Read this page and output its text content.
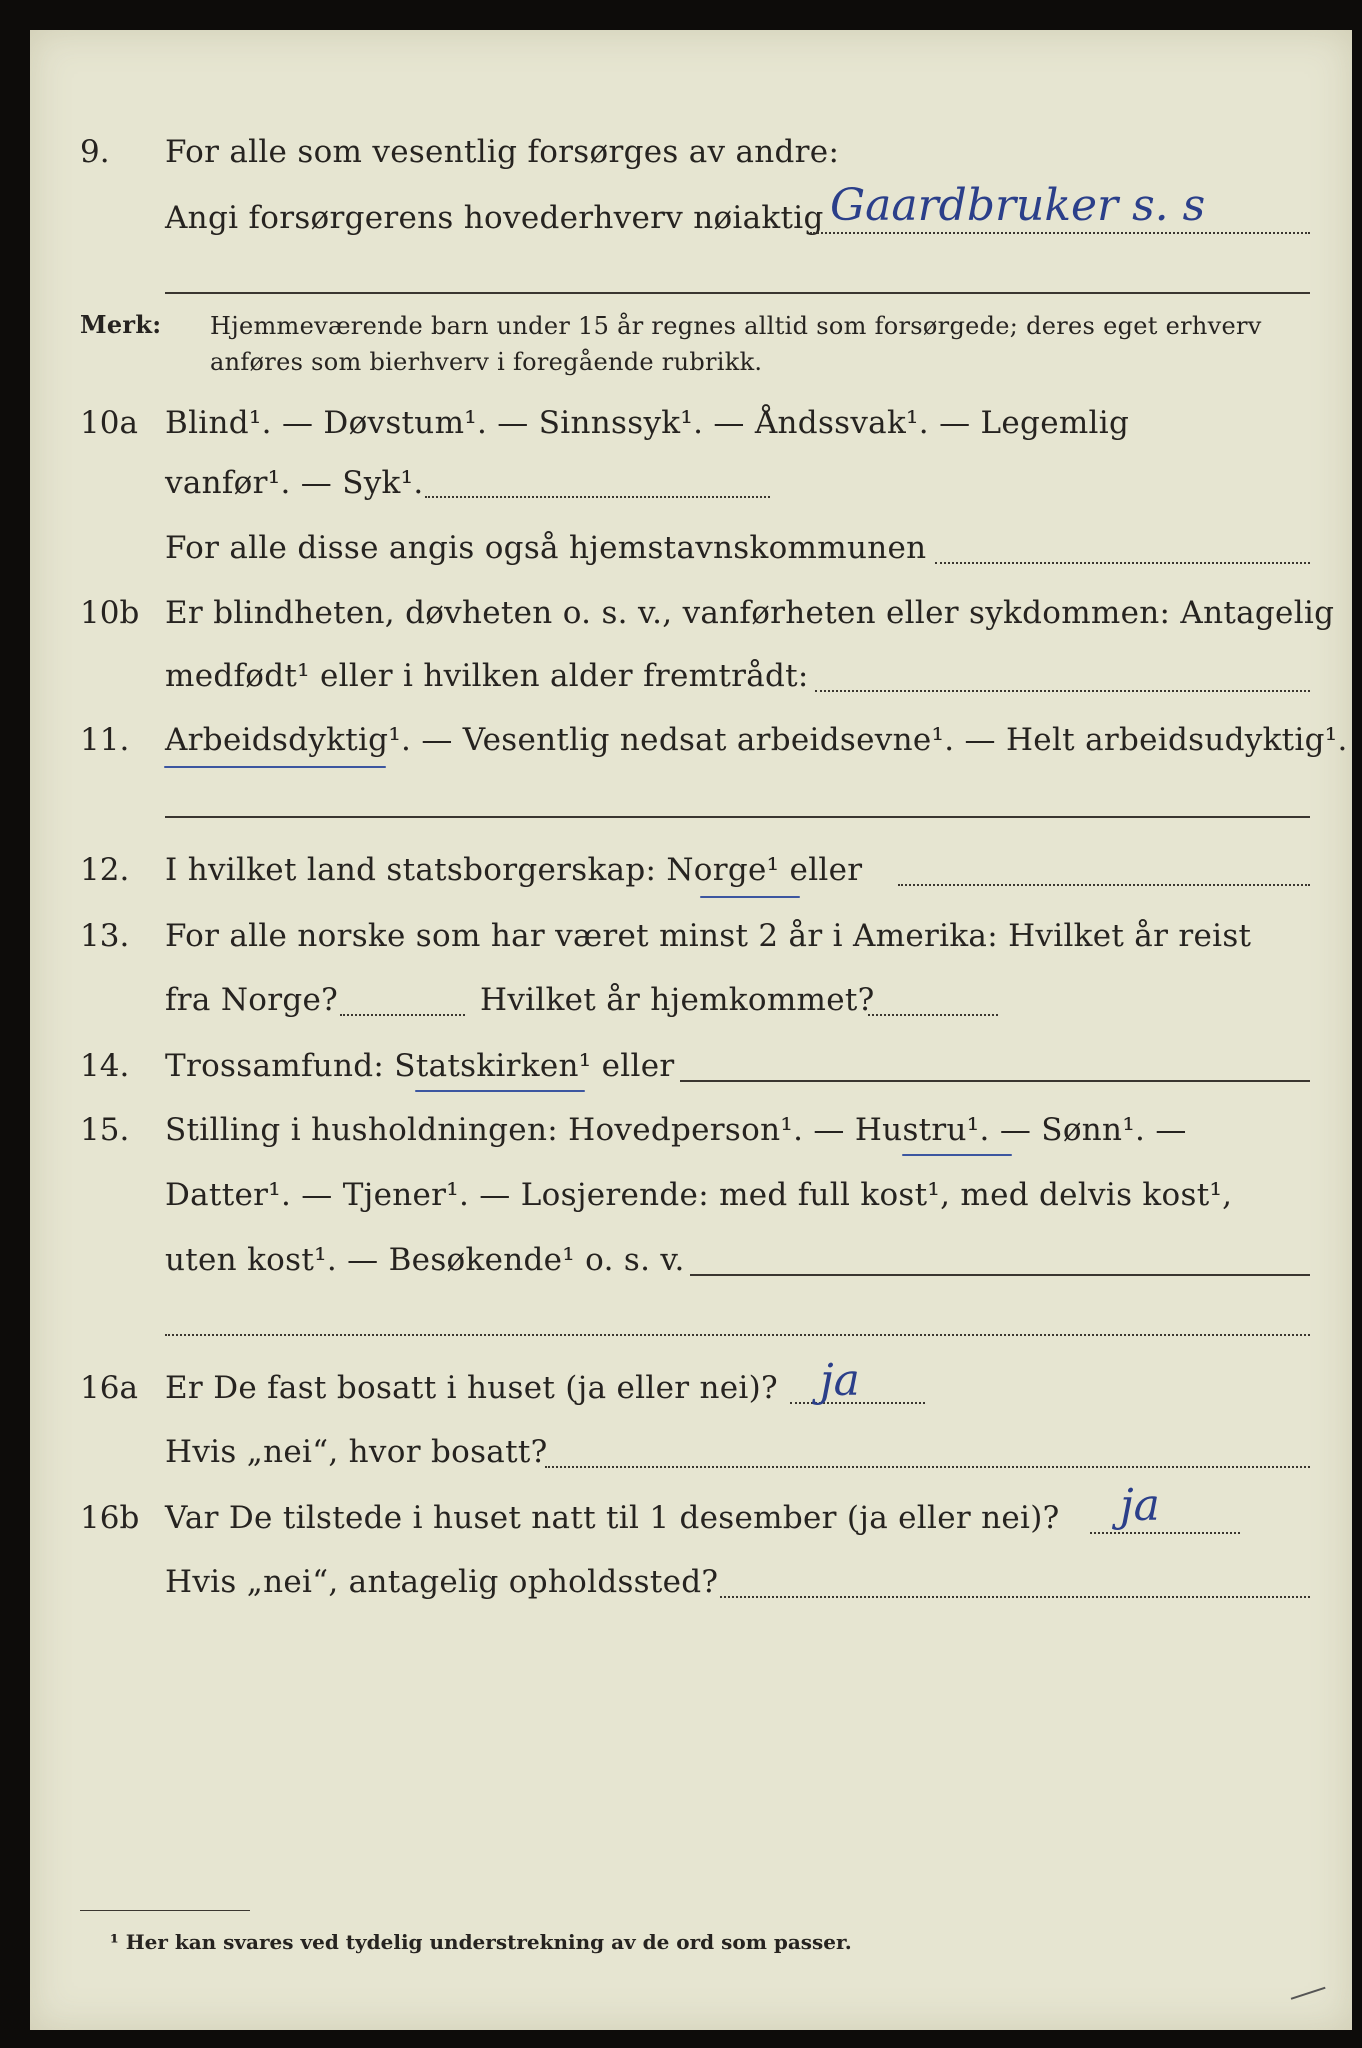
9. For alle som vesentlig forsørges av andre:
Angi forsørgerens hovederhverv nøiaktig Gaardbruker s. s
Merk: Hjemmeværende barn under 15 år regnes alltid som forsørgede; deres eget erhverv
anføres som bierhverv i foregående rubrikk.
10a Blind¹. — Døvstum¹. — Sinnssyk¹. — Åndssvak¹. — Legemlig
vanfør¹. — Syk¹.
For alle disse angis også hjemstavnskommunen
10b Er blindheten, døvheten o. s. v., vanførheten eller sykdommen: Antagelig
medfødt¹ eller i hvilken alder fremtrådt:
11. Arbeidsdyktig¹. — Vesentlig nedsat arbeidsevne¹. — Helt arbeidsudyktig¹.
12. I hvilket land statsborgerskap: Norge¹ eller
13. For alle norske som har været minst 2 år i Amerika: Hvilket år reist
fra Norge?	Hvilket år hjemkommet?
14. Trossamfund: Statskirken¹ eller
15. Stilling i husholdningen: Hovedperson¹. — Hustru¹. — Sønn¹. —
Datter¹. — Tjener¹. — Losjerende: med full kost¹, med delvis kost¹,
uten kost¹. — Besøkende¹ o. s. v.
16a Er De fast bosatt i huset (ja eller nei)? ja
Hvis „nei“, hvor bosatt?
16b Var De tilstede i huset natt til 1 desember (ja eller nei)? ja
Hvis „nei“, antagelig opholdssted?
¹ Her kan svares ved tydelig understrekning av de ord som passer.
